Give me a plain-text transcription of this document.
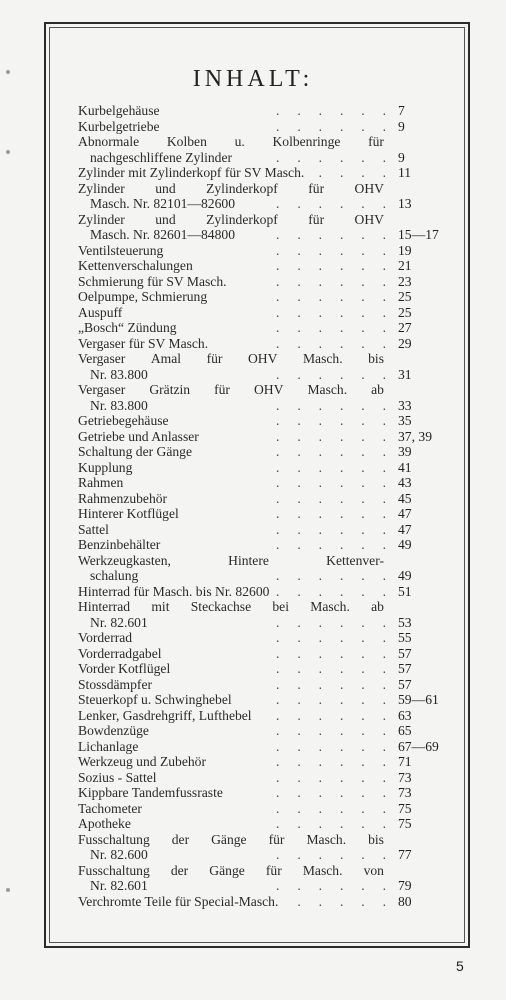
INHALT:
Kurbelgehäuse	. . . . . . 7
Kurbelgetriebe	. . . . . . 9
Abnormale Kolben u. Kolbenringe für
nachgeschliffene Zylinder	. . . . . . 9
Zylinder mit Zylinderkopf für SV Masch. . . . . 11
Zylinder und Zylinderkopf für OHV
Masch. Nr. 82101—82600	. . . . . . 13
Zylinder und Zylinderkopf für OHV
Masch. Nr. 82601—84800	. . . . . . 15—17
Ventilsteuerung	. . . . . . 19
Kettenverschalungen	. . . . . . 21
Schmierung für SV Masch.	. . . . . . 23
Oelpumpe, Schmierung	. . . . . . 25
Auspuff	. . . . . . 25
„Bosch“ Zündung	. . . . . . 27
Vergaser für SV Masch.	. . . . . . 29
Vergaser Amal für OHV Masch. bis
Nr. 83.800	. . . . . . 31
Vergaser Grätzin für OHV Masch. ab
Nr. 83.800	. . . . . . 33
Getriebegehäuse	. . . . . . 35
Getriebe und Anlasser	. . . . . . 37, 39
Schaltung der Gänge	. . . . . . 39
Kupplung	. . . . . . 41
Rahmen	. . . . . . 43
Rahmenzubehör	. . . . . . 45
Hinterer Kotflügel	. . . . . . 47
Sattel	. . . . . . 47
Benzinbehälter	. . . . . . 49
Werkzeugkasten,	Hintere	Kettenver-
schalung	. . . . . . 49
Hinterrad für Masch. bis Nr. 82600 . . . . . . 51
Hinterrad mit Steckachse bei Masch. ab
Nr. 82.601	. . . . . . 53
Vorderrad	. . . . . . 55
Vorderradgabel	. . . . . . 57
Vorder Kotflügel	. . . . . . 57
Stossdämpfer	. . . . . . 57
Steuerkopf u. Schwinghebel	. . . . . . 59—61
Lenker, Gasdrehgriff, Lufthebel . . . . . . 63
Bowdenzüge	. . . . . . 65
Lichanlage	. . . . . . 67—69
Werkzeug und Zubehör	. . . . . . 71
Sozius - Sattel	. . . . . . 73
Kippbare Tandemfussraste	. . . . . . 73
Tachometer	. . . . . . 75
Apotheke	. . . . . . 75
Fusschaltung der Gänge für Masch. bis
Nr. 82.600	. . . . . . 77
Fusschaltung der Gänge für Masch. von
Nr. 82.601	. . . . . . 79
Verchromte Teile für Special-Masch. . . . . . 80
5
